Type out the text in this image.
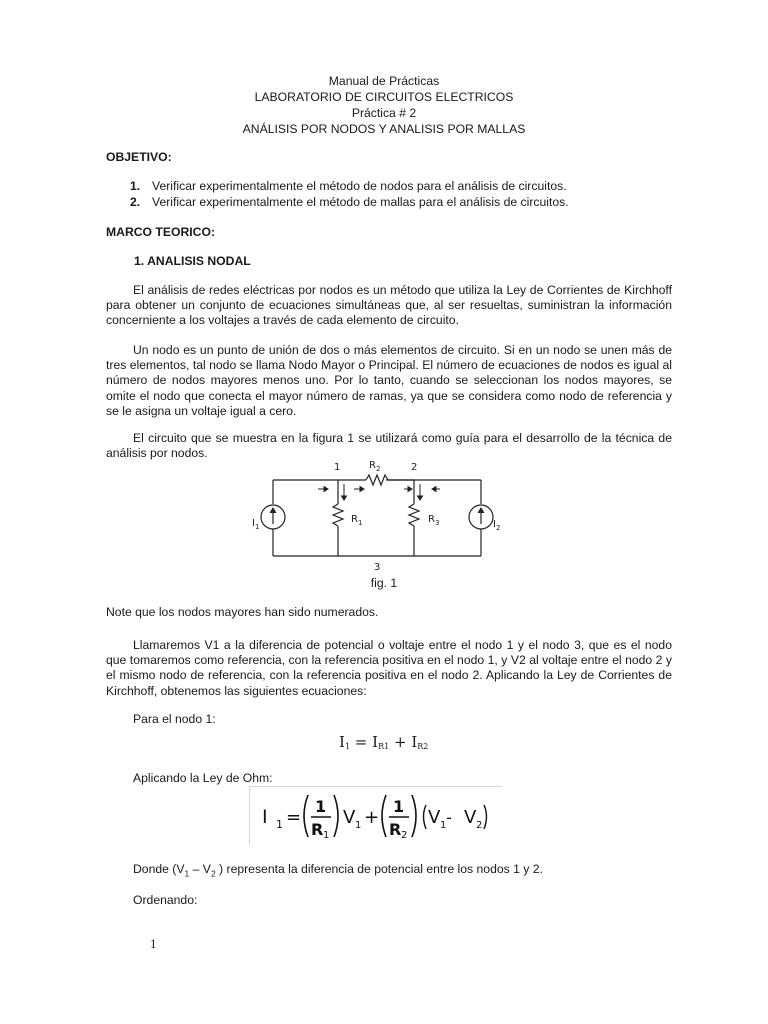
Manual de Prácticas
LABORATORIO DE CIRCUITOS ELECTRICOS
Práctica # 2
ANÁLISIS POR NODOS Y ANALISIS POR MALLAS
OBJETIVO:
1. Verificar experimentalmente el método de nodos para el análisis de circuitos.
2. Verificar experimentalmente el método de mallas para el análisis de circuitos.
MARCO TEORICO:
1. ANALISIS NODAL
El análisis de redes eléctricas por nodos es un método que utiliza la Ley de Corrientes de Kirchhoff para obtener un conjunto de ecuaciones simultáneas que, al ser resueltas, suministran la información concerniente a los voltajes a través de cada elemento de circuito.
Un nodo es un punto de unión de dos o más elementos de circuito. Si en un nodo se unen más de tres elementos, tal nodo se llama Nodo Mayor o Principal. El número de ecuaciones de nodos es igual al número de nodos mayores menos uno. Por lo tanto, cuando se seleccionan los nodos mayores, se omite el nodo que conecta el mayor número de ramas, ya que se considera como nodo de referencia y se le asigna un voltaje igual a cero.
El circuito que se muestra en la figura 1 se utilizará como guía para el desarrollo de la técnica de análisis por nodos.
1	2
3
$R_2$
$R_1$	$R_3$
$I_1$	$I_2$
fig. 1
Note que los nodos mayores han sido numerados.
Llamaremos V1 a la diferencia de potencial o voltaje entre el nodo 1 y el nodo 3, que es el nodo que tomaremos como referencia, con la referencia positiva en el nodo 1, y V2 al voltaje entre el nodo 2 y el mismo nodo de referencia, con la referencia positiva en el nodo 2. Aplicando la Ley de Corrientes de Kirchhoff, obtenemos las siguientes ecuaciones:
Para el nodo 1:
$I_1 = I_{R1} + I_{R2}$
Aplicando la Ley de Ohm:
I 1 =
1
R 1
V 1 +
1
R 2
V 1 - V 2
Donde ($V_1 - V_2$ ) representa la diferencia de potencial entre los nodos 1 y 2.
Ordenando:
1
